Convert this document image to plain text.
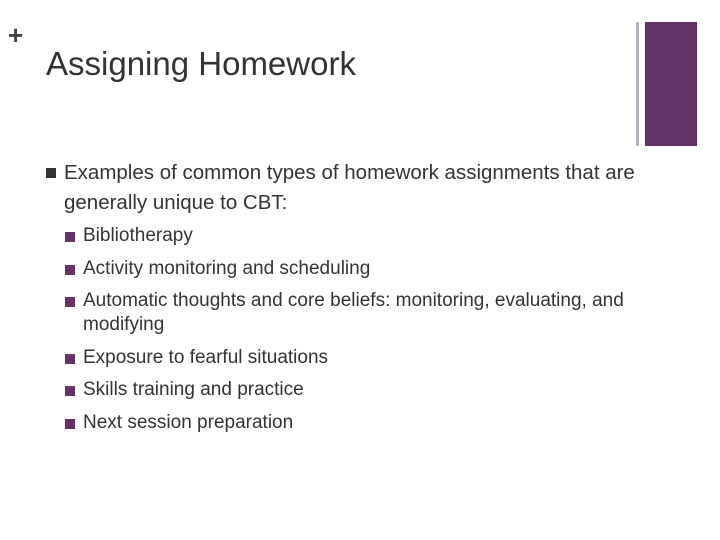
+
Assigning Homework
Examples of common types of homework assignments that are generally unique to CBT:
Bibliotherapy
Activity monitoring and scheduling
Automatic thoughts and core beliefs: monitoring, evaluating, and modifying
Exposure to fearful situations
Skills training and practice
Next session preparation
